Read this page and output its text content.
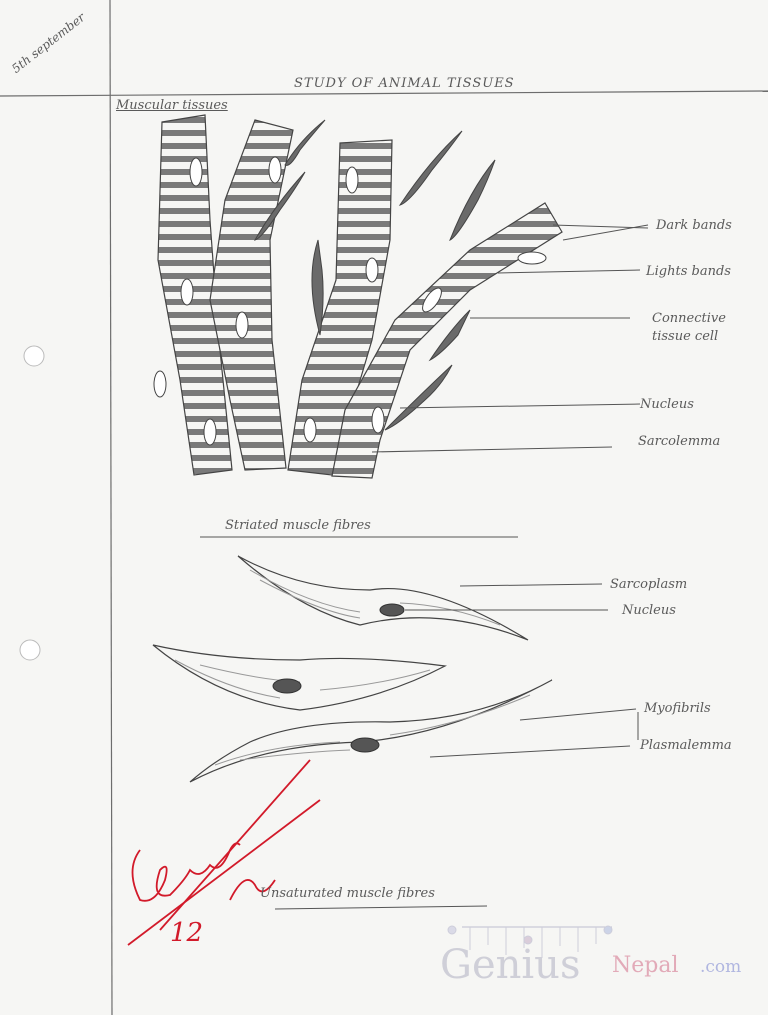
5th september
STUDY OF ANIMAL TISSUES
Muscular tissues
Dark bands
Lights bands
Connective tissue cell
Nucleus
Sarcolemma
Striated muscle fibres
Sarcoplasm
Nucleus
Myofibrils
Plasmalemma
Unsaturated muscle fibres
12
Genius Nepal .com
